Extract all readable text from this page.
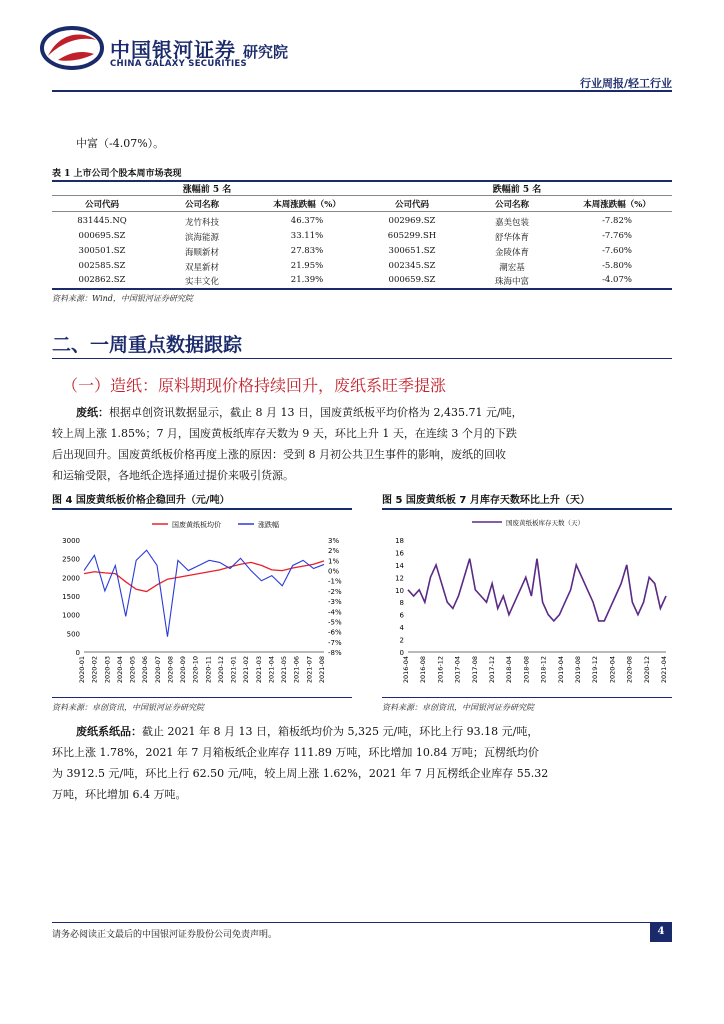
中国银河证券
CHINA GALAXY SECURITIES
研究院
行业周报/轻工行业
中富（-4.07%）。
表 1 上市公司个股本周市场表现
涨幅前 5 名	跌幅前 5 名
公司代码	公司名称	本周涨跌幅（%）	公司代码	公司名称	本周涨跌幅（%）
831445.NQ	龙竹科技	46.37%	002969.SZ	嘉美包装	-7.82%
000695.SZ	滨海能源	33.11%	605299.SH	舒华体育	-7.76%
300501.SZ	海顺新材	27.83%	300651.SZ	金陵体育	-7.60%
002585.SZ	双星新材	21.95%	002345.SZ	潮宏基	-5.80%
002862.SZ	实丰文化	21.39%	000659.SZ	珠海中富	-4.07%
资料来源：Wind，中国银河证券研究院
二、一周重点数据跟踪
（一）造纸：原料期现价格持续回升，废纸系旺季提涨
废纸：根据卓创资讯数据显示，截止 8 月 13 日，国废黄纸板平均价格为 2,435.71 元/吨，
较上周上涨 1.85%；7 月，国废黄板纸库存天数为 9 天，环比上升 1 天，在连续 3 个月的下跌
后出现回升。国废黄纸板价格再度上涨的原因：受到 8 月初公共卫生事件的影响，废纸的回收
和运输受限，各地纸企选择通过提价来吸引货源。
图 4 国废黄纸板价格企稳回升（元/吨）
国废黄纸板均价	涨跌幅
3000
2500
2000
1500
1000
500
0
3%
2%
1%
0%
-1%
-2%
-3%
-4%
-5%
-6%
-7%
-8%
2020-01 2020-02 2020-03 2020-04 2020-05 2020-06 2020-07 2020-08 2020-09 2020-10 2020-11 2020-12 2021-01 2021-02 2021-03 2021-04 2021-05 2021-06 2021-07 2021-08
资料来源：卓创资讯，中国银河证券研究院
图 5 国废黄纸板 7 月库存天数环比上升（天）
国废黄纸板库存天数（天）
18
16
14
12
10
8
6
4
2
0
2016-04 2016-08 2016-12 2017-04 2017-08 2017-12 2018-04 2018-08 2018-12 2019-04 2019-08 2019-12 2020-04 2020-08 2020-12 2021-04
资料来源：卓创资讯，中国银河证券研究院
废纸系纸品：截止 2021 年 8 月 13 日，箱板纸均价为 5,325 元/吨，环比上行 93.18 元/吨，
环比上涨 1.78%，2021 年 7 月箱板纸企业库存 111.89 万吨，环比增加 10.84 万吨；瓦楞纸均价
为 3912.5 元/吨，环比上行 62.50 元/吨，较上周上涨 1.62%，2021 年 7 月瓦楞纸企业库存 55.32
万吨，环比增加 6.4 万吨。
请务必阅读正文最后的中国银河证券股份公司免责声明。	4
